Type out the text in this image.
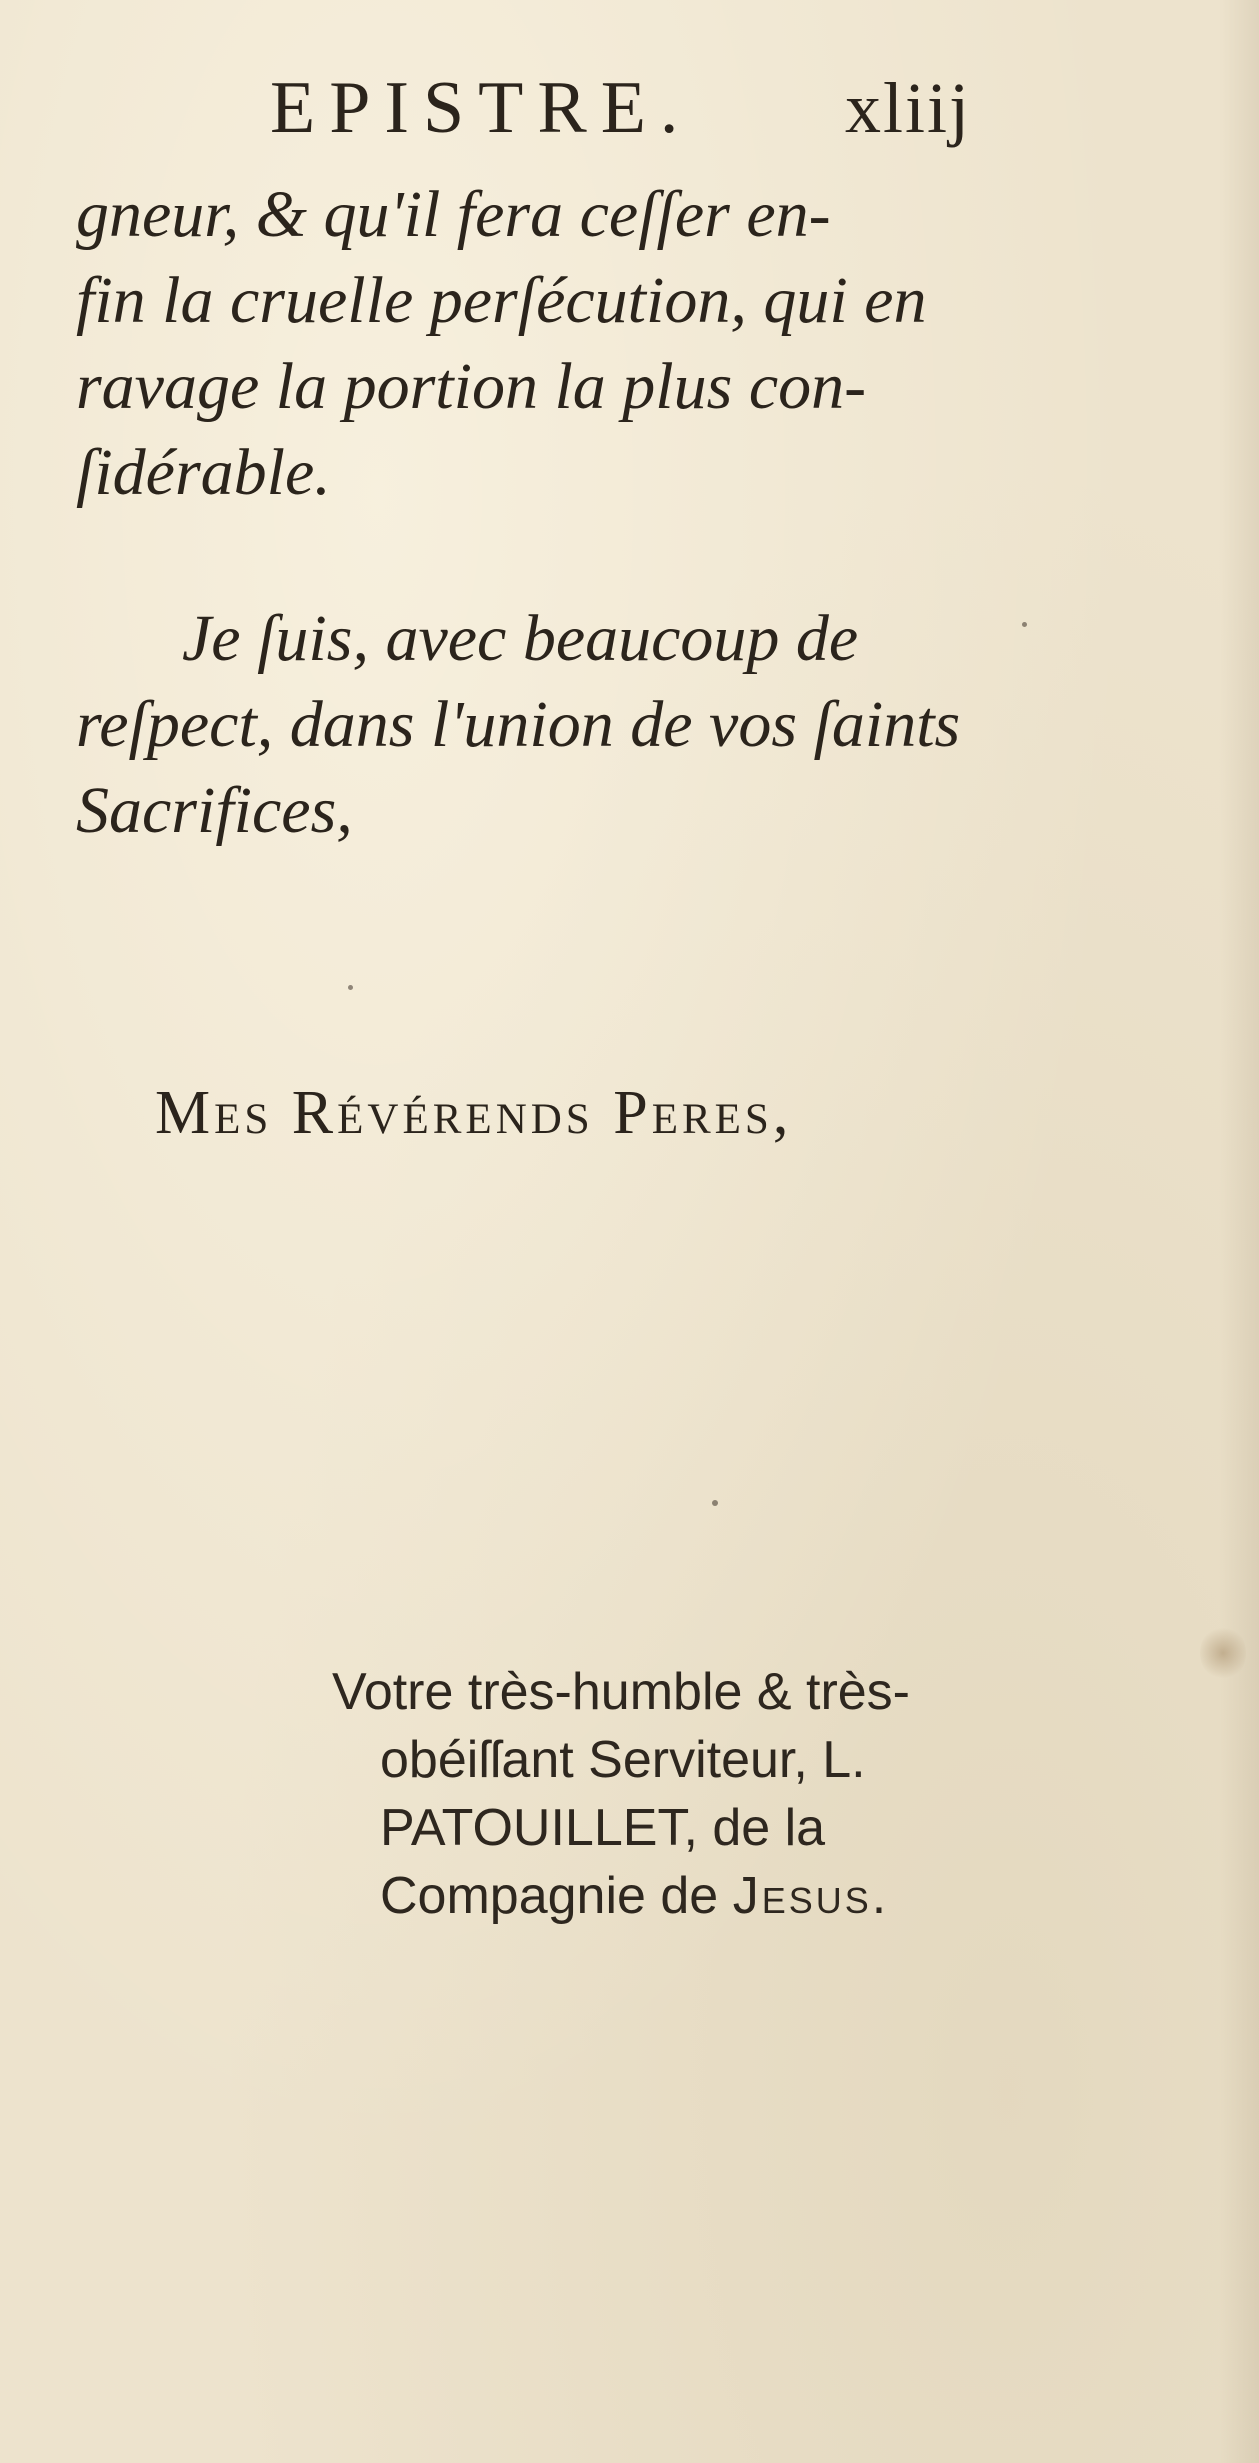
EPISTRE. xliij
gneur, & qu'il fera ceſſer en-
fin la cruelle perſécution, qui en
ravage la portion la plus con-
ſidérable.
Je ſuis, avec beaucoup de
reſpect, dans l'union de vos ſaints
Sacrifices,
Mes Révérends Peres,
Votre très-humble & très-
obéiſſant Serviteur, L.
PATOUILLET, de la
Compagnie de Jesus.
